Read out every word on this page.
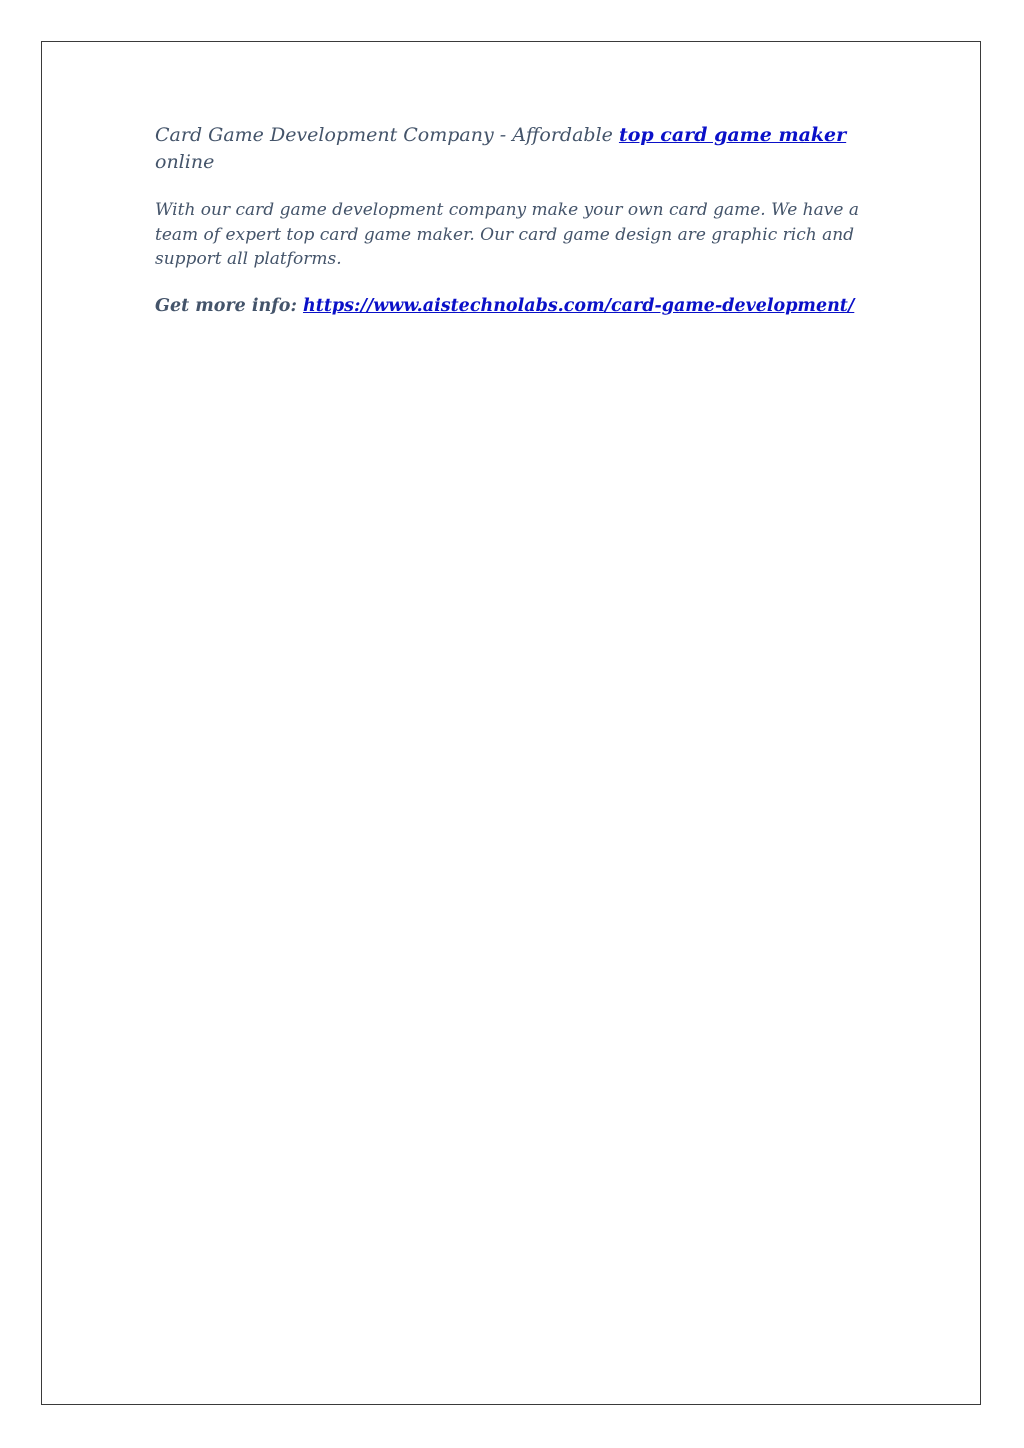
Card Game Development Company - Affordable top card game maker
online

With our card game development company make your own card game. We have a team of expert top card game maker. Our card game design are graphic rich and support all platforms.

Get more info: https://www.aistechnolabs.com/card-game-development/
